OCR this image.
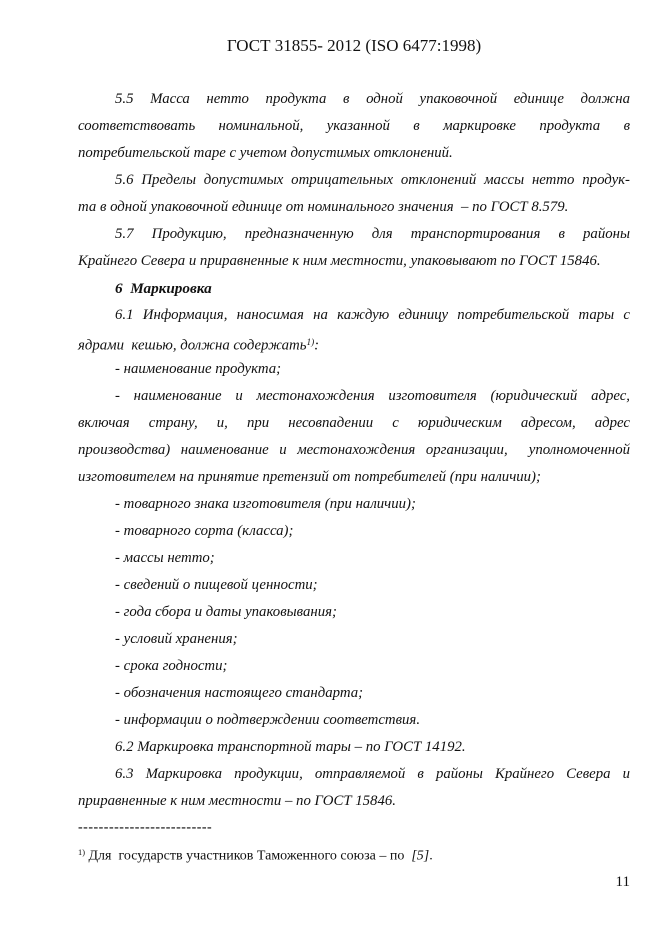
ГОСТ 31855- 2012 (ISO 6477:1998)
5.5 Масса нетто продукта в одной упаковочной единице должна
соответствовать номинальной, указанной в маркировке продукта в
потребительской таре с учетом допустимых отклонений.
5.6 Пределы допустимых отрицательных отклонений массы нетто продук-
та в одной упаковочной единице от номинального значения  – по ГОСТ 8.579.
5.7 Продукцию, предназначенную для транспортирования в районы
Крайнего Севера и приравненные к ним местности, упаковывают по ГОСТ 15846.
6  Маркировка
6.1 Информация, наносимая на каждую единицу потребительской тары с
ядрами  кешью, должна содержать$^{1)}$:
- наименование продукта;
- наименование и местонахождения изготовителя (юридический адрес,
включая страну, и, при несовпадении с юридическим адресом, адрес
производства) наименование и местонахождения организации,  уполномоченной
изготовителем на принятие претензий от потребителей (при наличии);
- товарного знака изготовителя (при наличии);
- товарного сорта (класса);
- массы нетто;
- сведений о пищевой ценности;
- года сбора и даты упаковывания;
- условий хранения;
- срока годности;
- обозначения настоящего стандарта;
- информации о подтверждении соответствия.
6.2 Маркировка транспортной тары – по ГОСТ 14192.
6.3 Маркировка продукции, отправляемой в районы Крайнего Севера и
приравненные к ним местности – по ГОСТ 15846.
--------------------------
$^{1)}$ Для  государств участников Таможенного союза – по  [5].
11
